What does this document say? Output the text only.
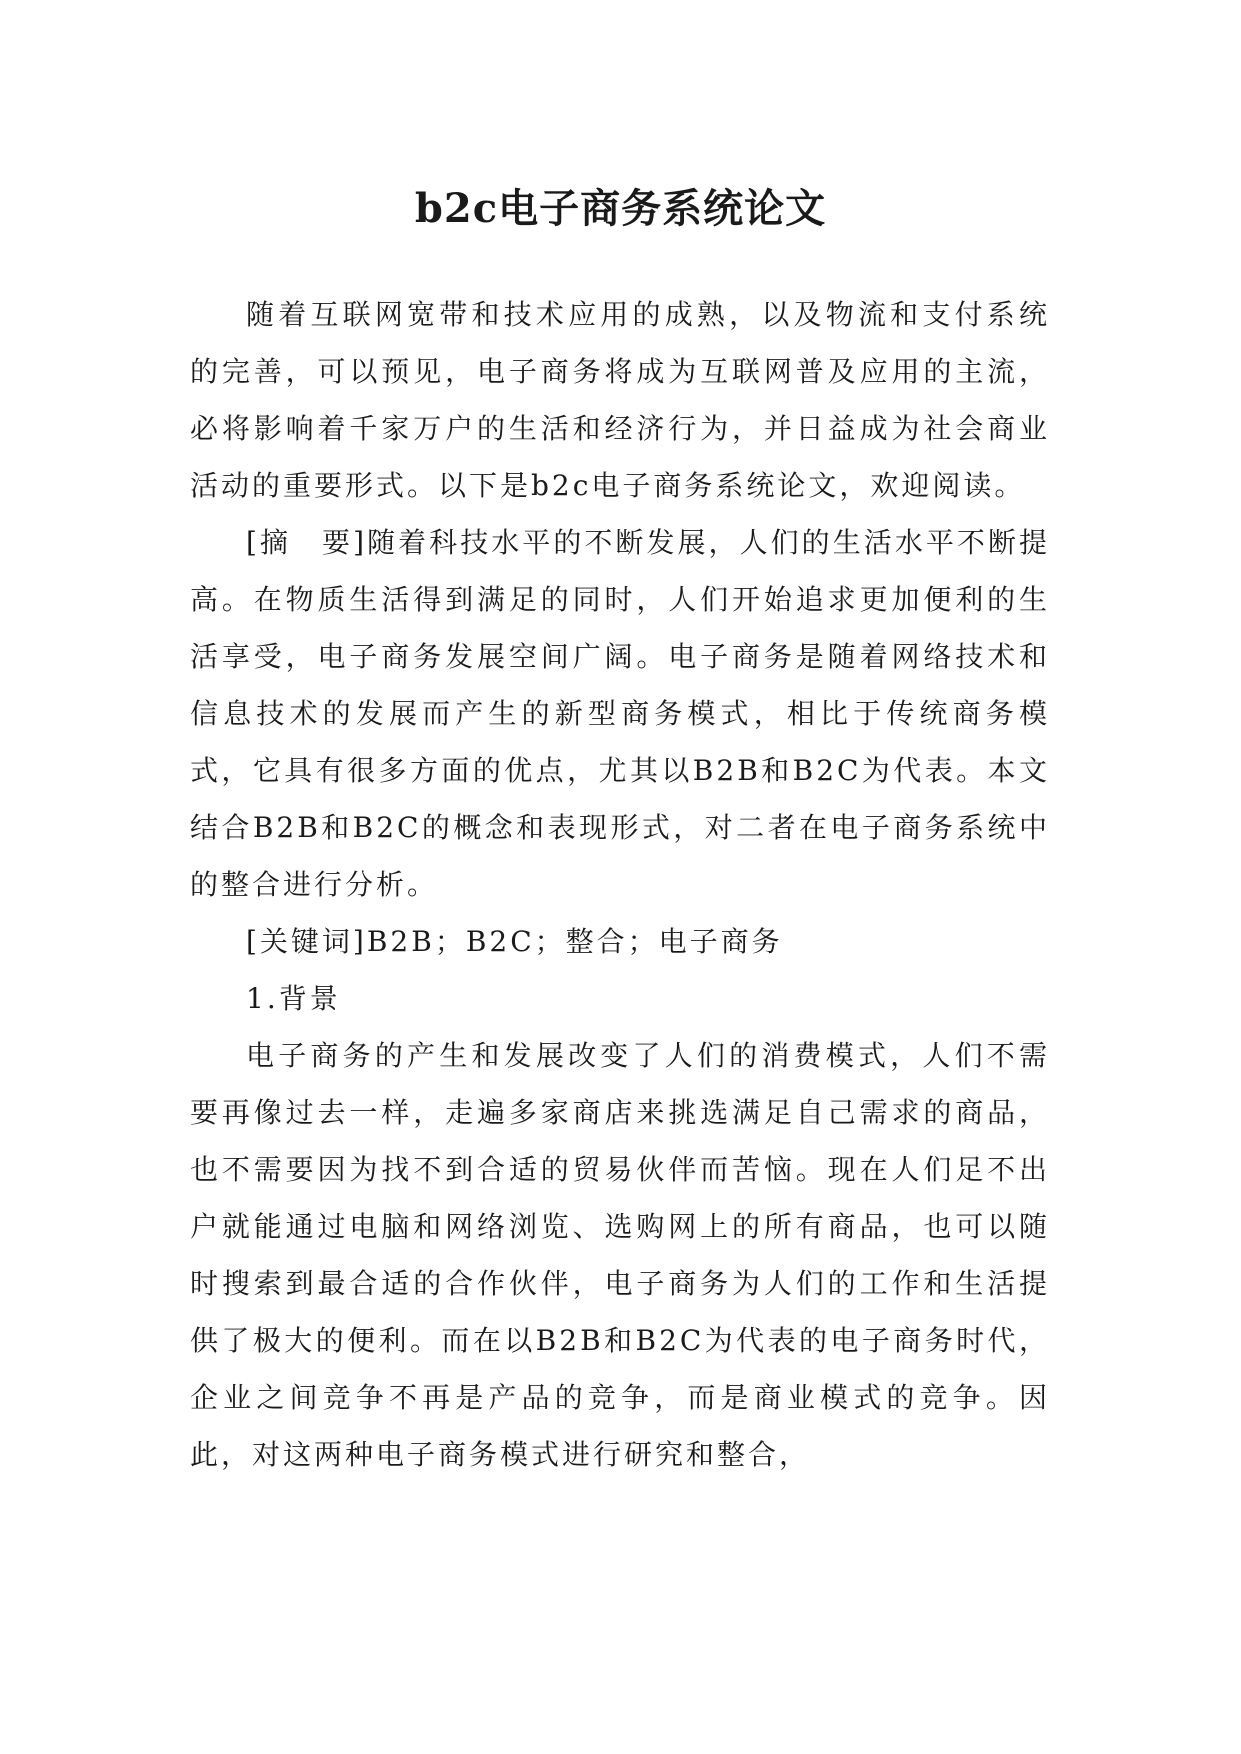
b2c电子商务系统论文

随着互联网宽带和技术应用的成熟，以及物流和支付系统的完善，可以预见，电子商务将成为互联网普及应用的主流，必将影响着千家万户的生活和经济行为，并日益成为社会商业活动的重要形式。以下是b2c电子商务系统论文，欢迎阅读。

[摘　要]随着科技水平的不断发展，人们的生活水平不断提高。在物质生活得到满足的同时，人们开始追求更加便利的生活享受，电子商务发展空间广阔。电子商务是随着网络技术和信息技术的发展而产生的新型商务模式，相比于传统商务模式，它具有很多方面的优点，尤其以B2B和B2C为代表。本文结合B2B和B2C的概念和表现形式，对二者在电子商务系统中的整合进行分析。

[关键词]B2B；B2C；整合；电子商务

1.背景

电子商务的产生和发展改变了人们的消费模式，人们不需要再像过去一样，走遍多家商店来挑选满足自己需求的商品，也不需要因为找不到合适的贸易伙伴而苦恼。现在人们足不出户就能通过电脑和网络浏览、选购网上的所有商品，也可以随时搜索到最合适的合作伙伴，电子商务为人们的工作和生活提供了极大的便利。而在以B2B和B2C为代表的电子商务时代，企业之间竞争不再是产品的竞争，而是商业模式的竞争。因此，对这两种电子商务模式进行研究和整合，
